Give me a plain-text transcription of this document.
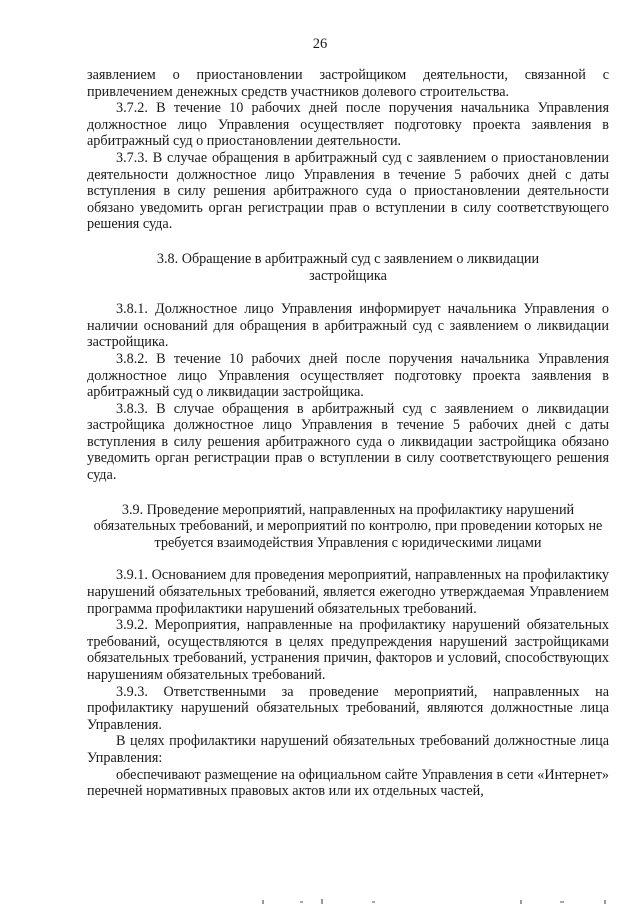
26

заявлением о приостановлении застройщиком деятельности, связанной с привлечением денежных средств участников долевого строительства.

3.7.2. В течение 10 рабочих дней после поручения начальника Управления должностное лицо Управления осуществляет подготовку проекта заявления в арбитражный суд о приостановлении деятельности.

3.7.3. В случае обращения в арбитражный суд с заявлением о приостановлении деятельности должностное лицо Управления в течение 5 рабочих дней с даты вступления в силу решения арбитражного суда о приостановлении деятельности обязано уведомить орган регистрации прав о вступлении в силу соответствующего решения суда.

3.8. Обращение в арбитражный суд с заявлением о ликвидации застройщика

3.8.1. Должностное лицо Управления информирует начальника Управления о наличии оснований для обращения в арбитражный суд с заявлением о ликвидации застройщика.

3.8.2. В течение 10 рабочих дней после поручения начальника Управления должностное лицо Управления осуществляет подготовку проекта заявления в арбитражный суд о ликвидации застройщика.

3.8.3. В случае обращения в арбитражный суд с заявлением о ликвидации застройщика должностное лицо Управления в течение 5 рабочих дней с даты вступления в силу решения арбитражного суда о ликвидации застройщика обязано уведомить орган регистрации прав о вступлении в силу соответствующего решения суда.

3.9. Проведение мероприятий, направленных на профилактику нарушений обязательных требований, и мероприятий по контролю, при проведении которых не требуется взаимодействия Управления с юридическими лицами

3.9.1. Основанием для проведения мероприятий, направленных на профилактику нарушений обязательных требований, является ежегодно утверждаемая Управлением программа профилактики нарушений обязательных требований.

3.9.2. Мероприятия, направленные на профилактику нарушений обязательных требований, осуществляются в целях предупреждения нарушений застройщиками обязательных требований, устранения причин, факторов и условий, способствующих нарушениям обязательных требований.

3.9.3. Ответственными за проведение мероприятий, направленных на профилактику нарушений обязательных требований, являются должностные лица Управления.

В целях профилактики нарушений обязательных требований должностные лица Управления:

обеспечивают размещение на официальном сайте Управления в сети «Интернет» перечней нормативных правовых актов или их отдельных частей,
